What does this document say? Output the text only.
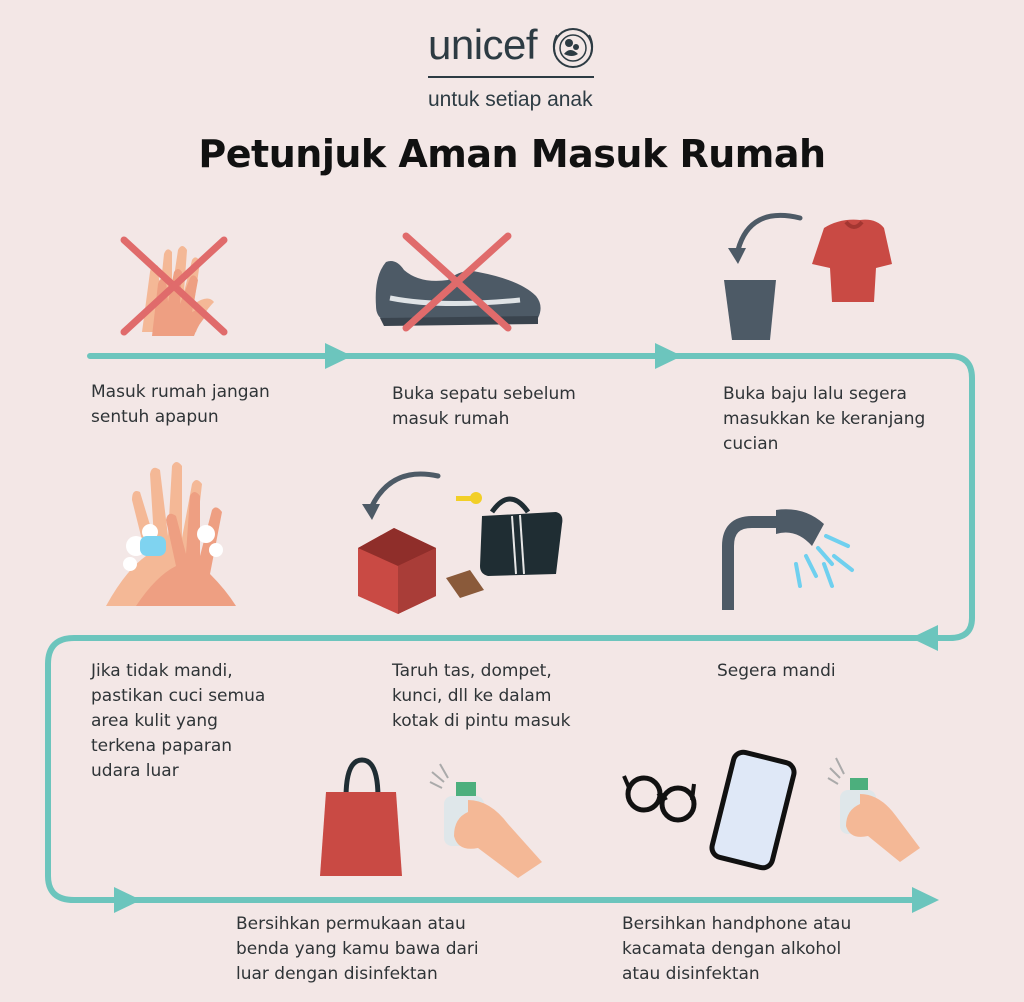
unicef
untuk setiap anak
Petunjuk Aman Masuk Rumah
Masuk rumah jangan
sentuh apapun
Buka sepatu sebelum
masuk rumah
Buka baju lalu segera
masukkan ke keranjang
cucian
Segera mandi
Taruh tas, dompet,
kunci, dll ke dalam
kotak di pintu masuk
Jika tidak mandi,
pastikan cuci semua
area kulit yang
terkena paparan
udara luar
Bersihkan permukaan atau
benda yang kamu bawa dari
luar dengan disinfektan
Bersihkan handphone atau
kacamata dengan alkohol
atau disinfektan
